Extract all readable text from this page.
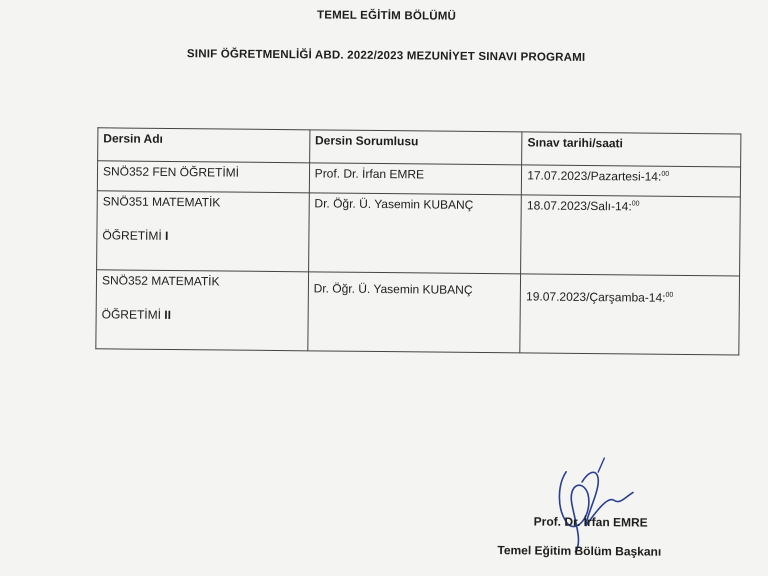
TEMEL EĞİTİM BÖLÜMÜ
SINIF ÖĞRETMENLİĞİ ABD. 2022/2023 MEZUNİYET SINAVI PROGRAMI
Dersin Adı	Dersin Sorumlusu	Sınav tarihi/saati
SNÖ352 FEN ÖĞRETİMİ	Prof. Dr. İrfan EMRE	17.07.2023/Pazartesi-14:$^{00}$
SNÖ351 MATEMATİK
ÖĞRETİMİ I	Dr. Öğr. Ü. Yasemin KUBANÇ	18.07.2023/Salı-14:$^{00}$
SNÖ352 MATEMATİK
ÖĞRETİMİ II	Dr. Öğr. Ü. Yasemin KUBANÇ	19.07.2023/Çarşamba-14:$^{00}$
Prof. Dr. İrfan EMRE
Temel Eğitim Bölüm Başkanı
